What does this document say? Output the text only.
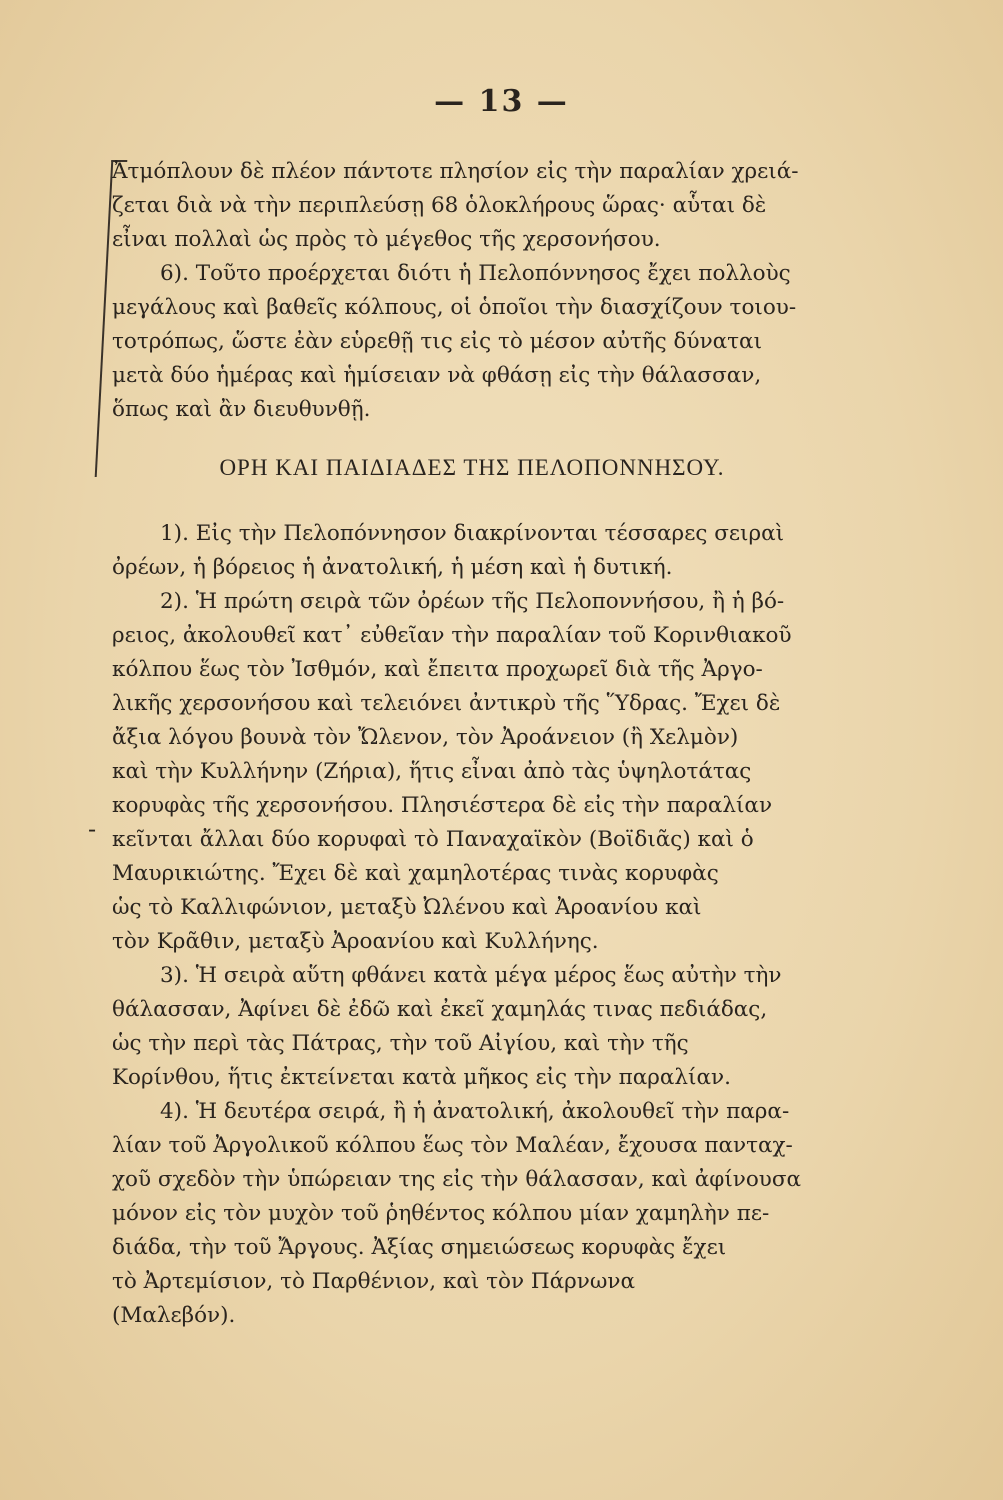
— 13 —
-
Ἀτμόπλουν δὲ πλέον πάντοτε πλησίον εἰς τὴν παραλίαν χρειά-
ζεται διὰ νὰ τὴν περιπλεύσῃ 68 ὁλοκλήρους ὥρας· αὗται δὲ
εἶναι πολλαὶ ὡς πρὸς τὸ μέγεθος τῆς χερσονήσου.
6). Τοῦτο προέρχεται διότι ἡ Πελοπόννησος ἔχει πολλοὺς
μεγάλους καὶ βαθεῖς κόλπους, οἱ ὁποῖοι τὴν διασχίζουν τοιου-
τοτρόπως, ὥστε ἐὰν εὑρεθῇ τις εἰς τὸ μέσον αὐτῆς δύναται
μετὰ δύο ἡμέρας καὶ ἡμίσειαν νὰ φθάσῃ εἰς τὴν θάλασσαν,
ὅπως καὶ ἂν διευθυνθῇ.
ΟΡΗ ΚΑΙ ΠΑΙΔΙΑΔΕΣ ΤΗΣ ΠΕΛΟΠΟΝΝΗΣΟΥ.
1). Εἰς τὴν Πελοπόννησον διακρίνονται τέσσαρες σειραὶ
ὀρέων, ἡ βόρειος ἡ ἀνατολική, ἡ μέση καὶ ἡ δυτική.
2). Ἡ πρώτη σειρὰ τῶν ὀρέων τῆς Πελοποννήσου, ἢ ἡ βό-
ρειος, ἀκολουθεῖ κατ᾽ εὐθεῖαν τὴν παραλίαν τοῦ Κορινθιακοῦ
κόλπου ἕως τὸν Ἰσθμόν, καὶ ἔπειτα προχωρεῖ διὰ τῆς Ἀργο-
λικῆς χερσονήσου καὶ τελειόνει ἀντικρὺ τῆς Ὕδρας. Ἔχει δὲ
ἄξια λόγου βουνὰ τὸν Ὤλενον, τὸν Ἀροάνειον (ἢ Χελμὸν)
καὶ τὴν Κυλλήνην (Ζήρια), ἥτις εἶναι ἀπὸ τὰς ὑψηλοτάτας
κορυφὰς τῆς χερσονήσου. Πλησιέστερα δὲ εἰς τὴν παραλίαν
κεῖνται ἄλλαι δύο κορυφαὶ τὸ Παναχαϊκὸν (Βοϊδιᾶς) καὶ ὁ
Μαυρικιώτης. Ἔχει δὲ καὶ χαμηλοτέρας τινὰς κορυφὰς
ὡς τὸ Καλλιφώνιον, μεταξὺ Ὠλένου καὶ Ἀροανίου καὶ
τὸν Κρᾶθιν, μεταξὺ Ἀροανίου καὶ Κυλλήνης.
3). Ἡ σειρὰ αὕτη φθάνει κατὰ μέγα μέρος ἕως αὐτὴν τὴν
θάλασσαν, Ἀφίνει δὲ ἐδῶ καὶ ἐκεῖ χαμηλάς τινας πεδιάδας,
ὡς τὴν περὶ τὰς Πάτρας, τὴν τοῦ Αἰγίου, καὶ τὴν τῆς
Κορίνθου, ἥτις ἐκτείνεται κατὰ μῆκος εἰς τὴν παραλίαν.
4). Ἡ δευτέρα σειρά, ἢ ἡ ἀνατολική, ἀκολουθεῖ τὴν παρα-
λίαν τοῦ Ἀργολικοῦ κόλπου ἕως τὸν Μαλέαν, ἔχουσα πανταχ-
χοῦ σχεδὸν τὴν ὑπώρειαν της εἰς τὴν θάλασσαν, καὶ ἀφίνουσα
μόνον εἰς τὸν μυχὸν τοῦ ῥηθέντος κόλπου μίαν χαμηλὴν πε-
διάδα, τὴν τοῦ Ἄργους. Ἀξίας σημειώσεως κορυφὰς ἔχει
τὸ Ἀρτεμίσιον, τὸ Παρθένιον, καὶ τὸν Πάρνωνα
(Μαλεβόν).
